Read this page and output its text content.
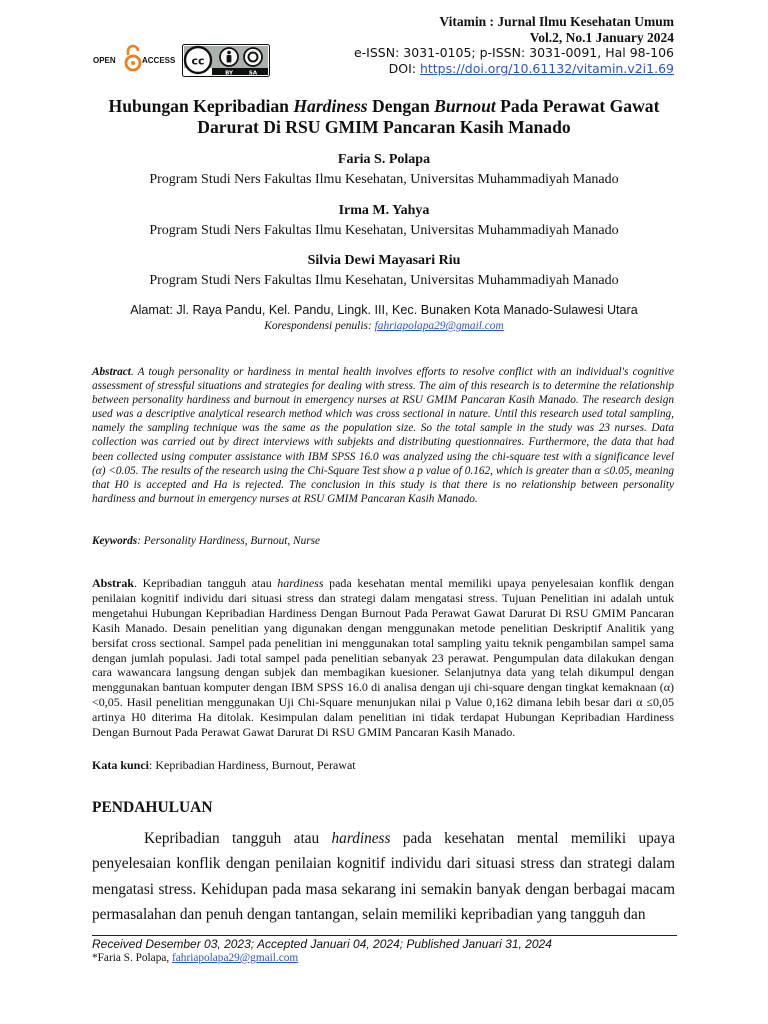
OPEN	ACCESS cc
BY	SA
Vitamin : Jurnal Ilmu Kesehatan Umum
Vol.2, No.1 January 2024
e-ISSN: 3031-0105; p-ISSN: 3031-0091, Hal 98-106
DOI: https://doi.org/10.61132/vitamin.v2i1.69
Hubungan Kepribadian Hardiness Dengan Burnout Pada Perawat Gawat
Darurat Di RSU GMIM Pancaran Kasih Manado
Faria S. Polapa
Program Studi Ners Fakultas Ilmu Kesehatan, Universitas Muhammadiyah Manado
Irma M. Yahya
Program Studi Ners Fakultas Ilmu Kesehatan, Universitas Muhammadiyah Manado
Silvia Dewi Mayasari Riu
Program Studi Ners Fakultas Ilmu Kesehatan, Universitas Muhammadiyah Manado
Alamat: Jl. Raya Pandu, Kel. Pandu, Lingk. III, Kec. Bunaken Kota Manado-Sulawesi Utara
Korespondensi penulis: fahriapolapa29@gmail.com
Abstract. A tough personality or hardiness in mental health involves efforts to resolve conflict with an individual's cognitive assessment of stressful situations and strategies for dealing with stress. The aim of this research is to determine the relationship between personality hardiness and burnout in emergency nurses at RSU GMIM Pancaran Kasih Manado. The research design used was a descriptive analytical research method which was cross sectional in nature. Until this research used total sampling, namely the sampling technique was the same as the population size. So the total sample in the study was 23 nurses. Data collection was carried out by direct interviews with subjekts and distributing questionnaires. Furthermore, the data that had been collected using computer assistance with IBM SPSS 16.0 was analyzed using the chi-square test with a significance level (α) <0.05. The results of the research using the Chi-Square Test show a p value of 0.162, which is greater than α ≤0.05, meaning that H0 is accepted and Ha is rejected. The conclusion in this study is that there is no relationship between personality hardiness and burnout in emergency nurses at RSU GMIM Pancaran Kasih Manado.
Keywords: Personality Hardiness, Burnout, Nurse
Abstrak. Kepribadian tangguh atau hardiness pada kesehatan mental memiliki upaya penyelesaian konflik dengan penilaian kognitif individu dari situasi stress dan strategi dalam mengatasi stress. Tujuan Penelitian ini adalah untuk mengetahui Hubungan Kepribadian Hardiness Dengan Burnout Pada Perawat Gawat Darurat Di RSU GMIM Pancaran Kasih Manado. Desain penelitian yang digunakan dengan menggunakan metode penelitian Deskriptif Analitik yang bersifat cross sectional. Sampel pada penelitian ini menggunakan total sampling yaitu teknik pengambilan sampel sama dengan jumlah populasi. Jadi total sampel pada penelitian sebanyak 23 perawat. Pengumpulan data dilakukan dengan cara wawancara langsung dengan subjek dan membagikan kuesioner. Selanjutnya data yang telah dikumpul dengan menggunakan bantuan komputer dengan IBM SPSS 16.0 di analisa dengan uji chi-square dengan tingkat kemaknaan (α) <0,05. Hasil penelitian menggunakan Uji Chi-Square menunjukan nilai p Value 0,162 dimana lebih besar dari α ≤0,05 artinya H0 diterima Ha ditolak. Kesimpulan dalam penelitian ini tidak terdapat Hubungan Kepribadian Hardiness Dengan Burnout Pada Perawat Gawat Darurat Di RSU GMIM Pancaran Kasih Manado.
Kata kunci: Kepribadian Hardiness, Burnout, Perawat
PENDAHULUAN
Kepribadian tangguh atau hardiness pada kesehatan mental memiliki upaya penyelesaian konflik dengan penilaian kognitif individu dari situasi stress dan strategi dalam mengatasi stress. Kehidupan pada masa sekarang ini semakin banyak dengan berbagai macam permasalahan dan penuh dengan tantangan, selain memiliki kepribadian yang tangguh dan
Received Desember 03, 2023; Accepted Januari 04, 2024; Published Januari 31, 2024
*Faria S. Polapa, fahriapolapa29@gmail.com
